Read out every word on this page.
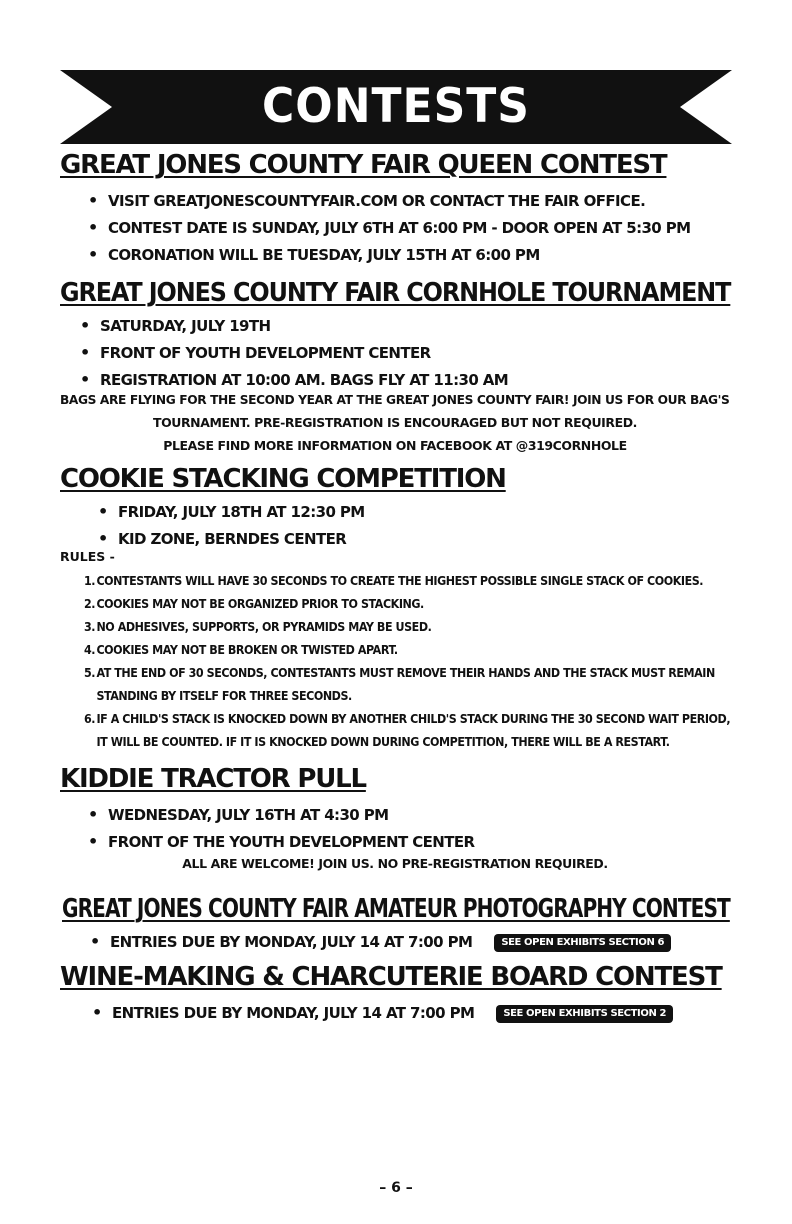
CONTESTS
GREAT JONES COUNTY FAIR QUEEN CONTEST
• VISIT GREATJONESCOUNTYFAIR.COM OR CONTACT THE FAIR OFFICE.
• CONTEST DATE IS SUNDAY, JULY 6TH AT 6:00 PM - DOOR OPEN AT 5:30 PM
• CORONATION WILL BE TUESDAY, JULY 15TH AT 6:00 PM
GREAT JONES COUNTY FAIR CORNHOLE TOURNAMENT
• SATURDAY, JULY 19TH
• FRONT OF YOUTH DEVELOPMENT CENTER
• REGISTRATION AT 10:00 AM. BAGS FLY AT 11:30 AM
BAGS ARE FLYING FOR THE SECOND YEAR AT THE GREAT JONES COUNTY FAIR! JOIN US FOR OUR BAG'S
TOURNAMENT. PRE-REGISTRATION IS ENCOURAGED BUT NOT REQUIRED.
PLEASE FIND MORE INFORMATION ON FACEBOOK AT @319CORNHOLE
COOKIE STACKING COMPETITION
• FRIDAY, JULY 18TH AT 12:30 PM
• KID ZONE, BERNDES CENTER
RULES -
1. CONTESTANTS WILL HAVE 30 SECONDS TO CREATE THE HIGHEST POSSIBLE SINGLE STACK OF COOKIES.
2. COOKIES MAY NOT BE ORGANIZED PRIOR TO STACKING.
3. NO ADHESIVES, SUPPORTS, OR PYRAMIDS MAY BE USED.
4. COOKIES MAY NOT BE BROKEN OR TWISTED APART.
5. AT THE END OF 30 SECONDS, CONTESTANTS MUST REMOVE THEIR HANDS AND THE STACK MUST REMAIN
STANDING BY ITSELF FOR THREE SECONDS.
6. IF A CHILD'S STACK IS KNOCKED DOWN BY ANOTHER CHILD'S STACK DURING THE 30 SECOND WAIT PERIOD,
IT WILL BE COUNTED. IF IT IS KNOCKED DOWN DURING COMPETITION, THERE WILL BE A RESTART.
KIDDIE TRACTOR PULL
• WEDNESDAY, JULY 16TH AT 4:30 PM
• FRONT OF THE YOUTH DEVELOPMENT CENTER
ALL ARE WELCOME! JOIN US. NO PRE-REGISTRATION REQUIRED.
GREAT JONES COUNTY FAIR AMATEUR PHOTOGRAPHY CONTEST
• ENTRIES DUE BY MONDAY, JULY 14 AT 7:00 PM	SEE OPEN EXHIBITS SECTION 6
WINE-MAKING & CHARCUTERIE BOARD CONTEST
• ENTRIES DUE BY MONDAY, JULY 14 AT 7:00 PM	SEE OPEN EXHIBITS SECTION 2
– 6 –
